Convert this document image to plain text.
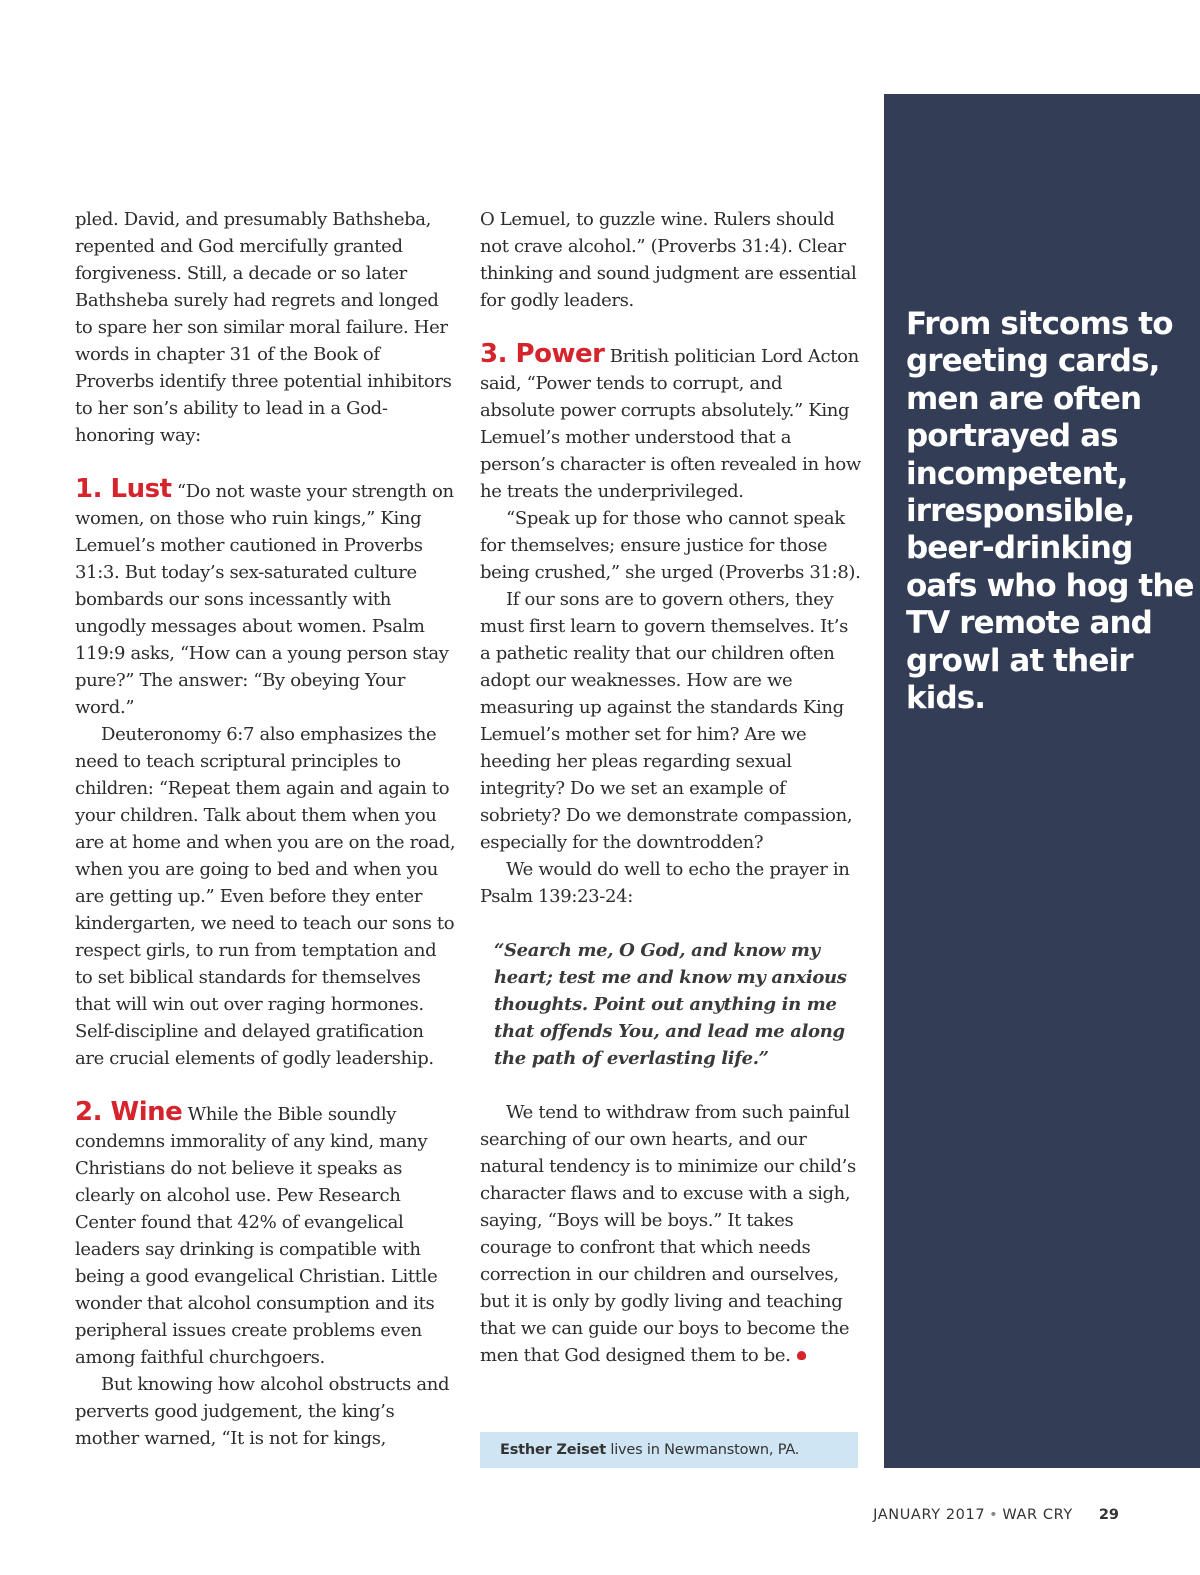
pled. David, and presumably Bathsheba, repented and God mercifully granted forgiveness. Still, a decade or so later Bathsheba surely had regrets and longed to spare her son similar moral failure. Her words in chapter 31 of the Book of Proverbs identify three potential inhibitors to her son’s ability to lead in a God-honoring way:

1. Lust “Do not waste your strength on women, on those who ruin kings,” King Lemuel’s mother cautioned in Proverbs 31:3. But today’s sex-saturated culture bombards our sons incessantly with ungodly messages about women. Psalm 119:9 asks, “How can a young person stay pure?” The answer: “By obeying Your word.”

Deuteronomy 6:7 also emphasizes the need to teach scriptural principles to children: “Repeat them again and again to your children. Talk about them when you are at home and when you are on the road, when you are going to bed and when you are getting up.” Even before they enter kindergarten, we need to teach our sons to respect girls, to run from temptation and to set biblical standards for themselves that will win out over raging hormones. Self-discipline and delayed gratification are crucial elements of godly leadership.

2. Wine While the Bible soundly condemns immorality of any kind, many Christians do not believe it speaks as clearly on alcohol use. Pew Research Center found that 42% of evangelical leaders say drinking is compatible with being a good evangelical Christian. Little wonder that alcohol consumption and its peripheral issues create problems even among faithful churchgoers.

But knowing how alcohol obstructs and perverts good judgement, the king’s mother warned, “It is not for kings,

O Lemuel, to guzzle wine. Rulers should not crave alcohol.” (Proverbs 31:4). Clear thinking and sound judgment are essential for godly leaders.

3. Power British politician Lord Acton said, “Power tends to corrupt, and absolute power corrupts absolutely.” King Lemuel’s mother understood that a person’s character is often revealed in how he treats the underprivileged.

“Speak up for those who cannot speak for themselves; ensure justice for those being crushed,” she urged (Proverbs 31:8).

If our sons are to govern others, they must first learn to govern themselves. It’s a pathetic reality that our children often adopt our weaknesses. How are we measuring up against the standards King Lemuel’s mother set for him? Are we heeding her pleas regarding sexual integrity? Do we set an example of sobriety? Do we demonstrate compassion, especially for the downtrodden?

We would do well to echo the prayer in Psalm 139:23-24:

“Search me, O God, and know my heart; test me and know my anxious thoughts. Point out anything in me that offends You, and lead me along the path of everlasting life.”

We tend to withdraw from such painful searching of our own hearts, and our natural tendency is to minimize our child’s character flaws and to excuse with a sigh, saying, “Boys will be boys.” It takes courage to confront that which needs correction in our children and ourselves, but it is only by godly living and teaching that we can guide our boys to become the men that God designed them to be.

Esther Zeiset lives in Newmanstown, PA.
From sitcoms to greeting cards, men are often portrayed as incompetent, irresponsible, beer-drinking oafs who hog the TV remote and growl at their kids.
JANUARY 2017 • WAR CRY 29
